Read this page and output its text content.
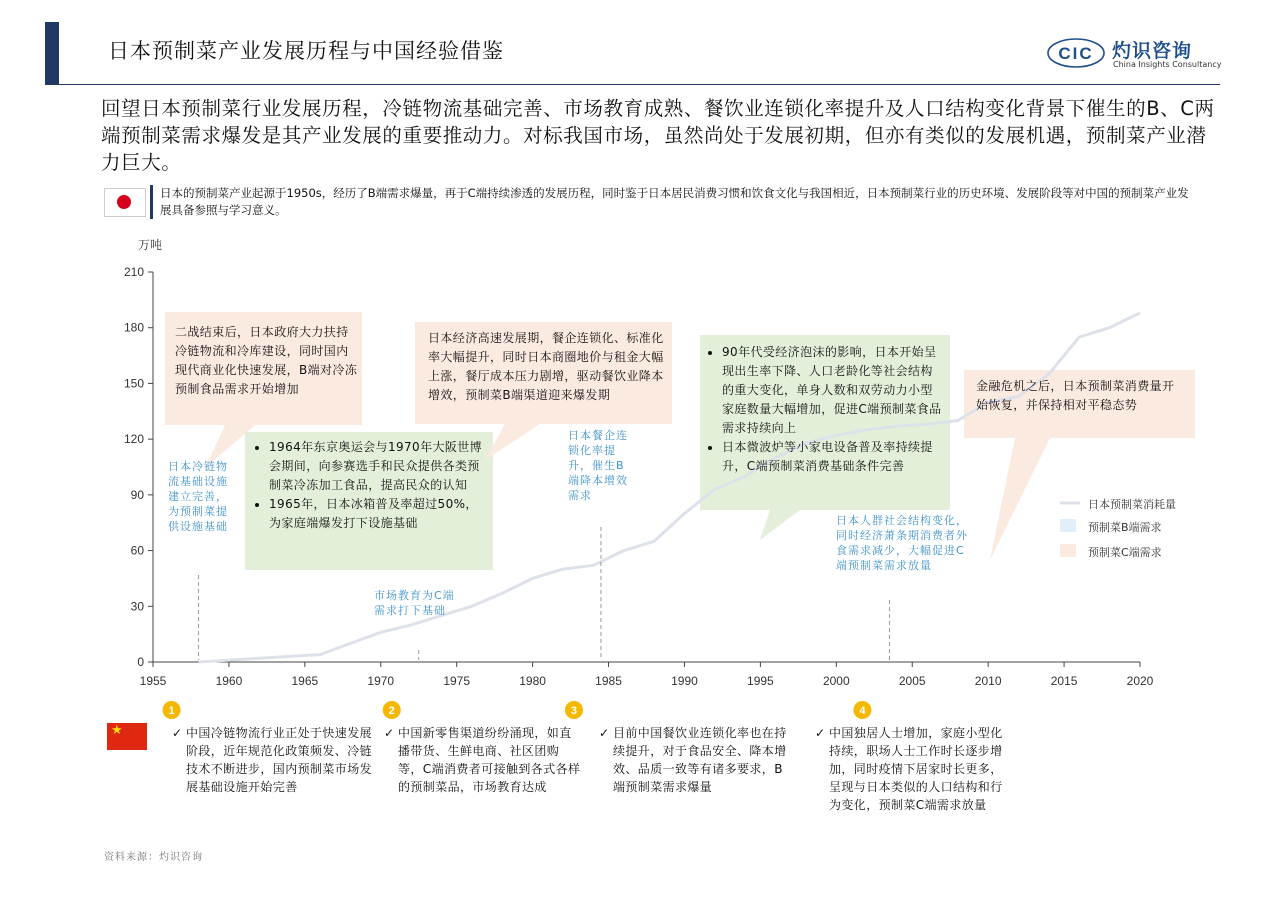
日本预制菜产业发展历程与中国经验借鉴	CIC 灼识咨询
China Insights Consultancy
回望日本预制菜行业发展历程，冷链物流基础完善、市场教育成熟、餐饮业连锁化率提升及人口结构变化背景下催生的B、C两端预制菜需求爆发是其产业发展的重要推动力。对标我国市场，虽然尚处于发展初期，但亦有类似的发展机遇，预制菜产业潜力巨大。
日本的预制菜产业起源于1950s，经历了B端需求爆量，再于C端持续渗透的发展历程，同时鉴于日本居民消费习惯和饮食文化与我国相近，日本预制菜行业的历史环境、发展阶段等对中国的预制菜产业发展具备参照与学习意义。
万吨
0
30
60
90
120
150
180
210
1955	1960	1965	1970	1975	1980	1985	1990	1995	2000	2005	2010	2015	2020
1	2	3	4
二战结束后，日本政府大力扶持冷链物流和冷库建设，同时国内现代商业化快速发展，B端对冷冻预制食品需求开始增加
• 1964年东京奥运会与1970年大阪世博会期间，向参赛选手和民众提供各类预制菜冷冻加工食品，提高民众的认知
• 1965年，日本冰箱普及率超过50%，为家庭端爆发打下设施基础
日本经济高速发展期，餐企连锁化、标准化率大幅提升，同时日本商圈地价与租金大幅上涨，餐厅成本压力剧增，驱动餐饮业降本增效，预制菜B端渠道迎来爆发期
• 90年代受经济泡沫的影响，日本开始呈现出生率下降、人口老龄化等社会结构的重大变化，单身人数和双劳动力小型家庭数量大幅增加，促进C端预制菜食品需求持续向上
• 日本微波炉等小家电设备普及率持续提升，C端预制菜消费基础条件完善
金融危机之后，日本预制菜消费量开始恢复，并保持相对平稳态势
日本冷链物流基础设施建立完善，为预制菜提供设施基础
市场教育为C端需求打下基础
日本餐企连锁化率提升，催生B端降本增效需求
日本人群社会结构变化，同时经济萧条期消费者外食需求减少，大幅促进C端预制菜需求放量
日本预制菜消耗量
预制菜B端需求
预制菜C端需求
★	✓ 中国冷链物流行业正处于快速发展阶段，近年规范化政策频发、冷链技术不断进步，国内预制菜市场发展基础设施开始完善
✓ 中国新零售渠道纷纷涌现，如直播带货、生鲜电商、社区团购等，C端消费者可接触到各式各样的预制菜品，市场教育达成
✓ 目前中国餐饮业连锁化率也在持续提升，对于食品安全、降本增效、品质一致等有诸多要求，B端预制菜需求爆量
✓ 中国独居人士增加，家庭小型化持续，职场人士工作时长逐步增加，同时疫情下居家时长更多，呈现与日本类似的人口结构和行为变化，预制菜C端需求放量
资料来源：灼识咨询
